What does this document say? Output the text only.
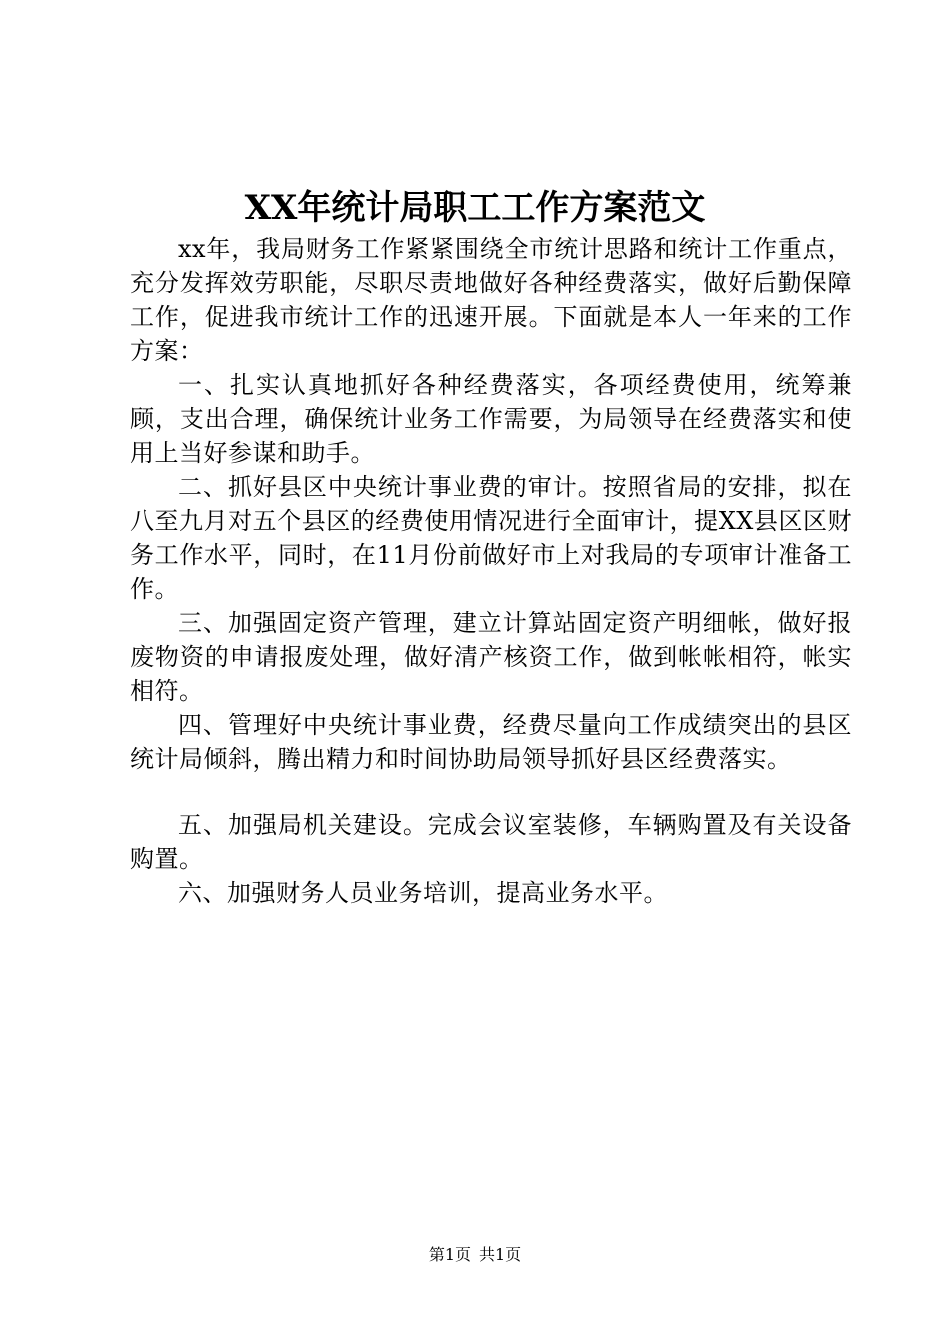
XX年统计局职工工作方案范文

xx年，我局财务工作紧紧围绕全市统计思路和统计工作重点，充分发挥效劳职能，尽职尽责地做好各种经费落实，做好后勤保障工作，促进我市统计工作的迅速开展。下面就是本人一年来的工作方案：

一、扎实认真地抓好各种经费落实，各项经费使用，统筹兼顾，支出合理，确保统计业务工作需要，为局领导在经费落实和使用上当好参谋和助手。

二、抓好县区中央统计事业费的审计。按照省局的安排，拟在八至九月对五个县区的经费使用情况进行全面审计，提XX县区区财务工作水平，同时，在11月份前做好市上对我局的专项审计准备工作。

三、加强固定资产管理，建立计算站固定资产明细帐，做好报废物资的申请报废处理，做好清产核资工作，做到帐帐相符，帐实相符。

四、管理好中央统计事业费，经费尽量向工作成绩突出的县区统计局倾斜，腾出精力和时间协助局领导抓好县区经费落实。

五、加强局机关建设。完成会议室装修，车辆购置及有关设备购置。

六、加强财务人员业务培训，提高业务水平。

第1页 共1页
